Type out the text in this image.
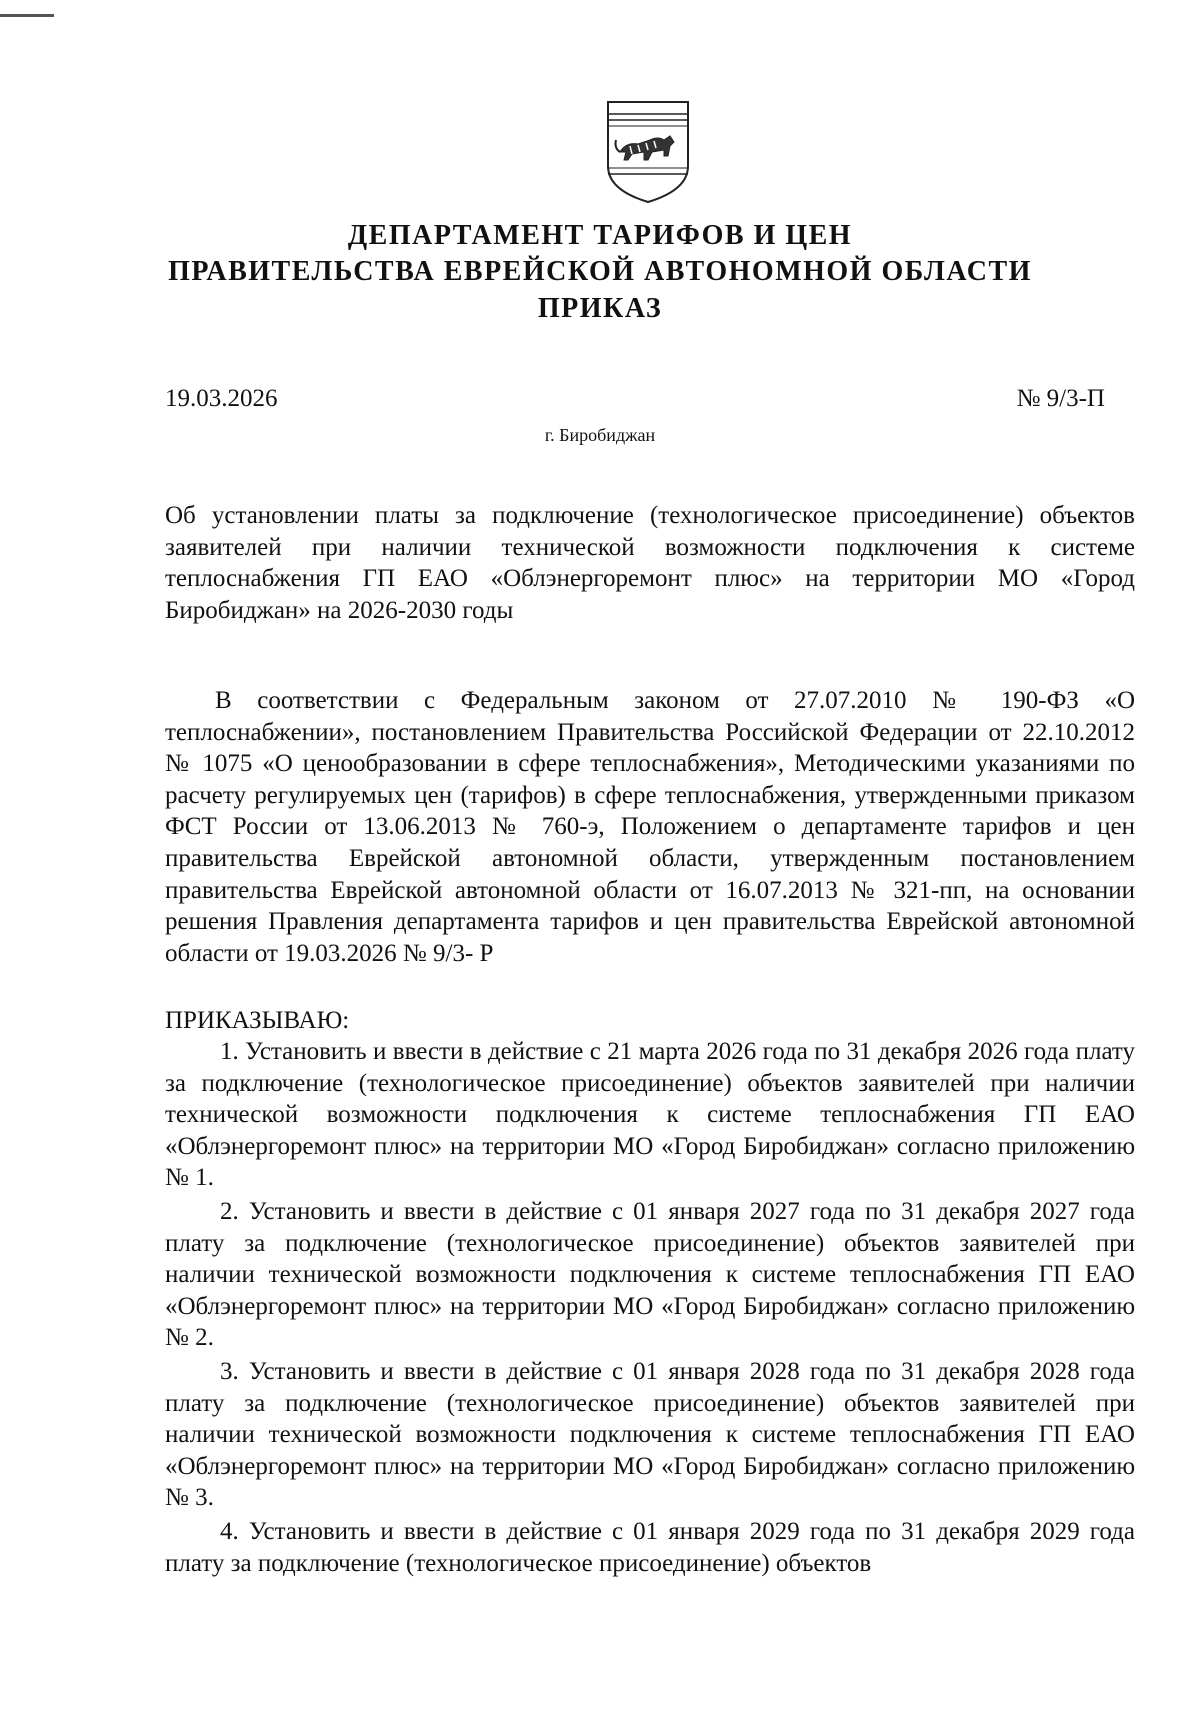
ДЕПАРТАМЕНТ ТАРИФОВ И ЦЕН
ПРАВИТЕЛЬСТВА ЕВРЕЙСКОЙ АВТОНОМНОЙ ОБЛАСТИ
ПРИКАЗ
19.03.2026	№ 9/3-П
г. Биробиджан

Об установлении платы за подключение (технологическое присоединение) объектов заявителей при наличии технической возможности подключения к системе теплоснабжения ГП ЕАО «Облэнергоремонт плюс» на территории МО «Город Биробиджан» на 2026-2030 годы

В соответствии с Федеральным законом от 27.07.2010 № 190-ФЗ «О теплоснабжении», постановлением Правительства Российской Федерации от 22.10.2012 № 1075 «О ценообразовании в сфере теплоснабжения», Методическими указаниями по расчету регулируемых цен (тарифов) в сфере теплоснабжения, утвержденными приказом ФСТ России от 13.06.2013 № 760-э, Положением о департаменте тарифов и цен правительства Еврейской автономной области, утвержденным постановлением правительства Еврейской автономной области от 16.07.2013 № 321-пп, на основании решения Правления департамента тарифов и цен правительства Еврейской автономной области от 19.03.2026 № 9/3- Р

ПРИКАЗЫВАЮ:

1. Установить и ввести в действие с 21 марта 2026 года по 31 декабря 2026 года плату за подключение (технологическое присоединение) объектов заявителей при наличии технической возможности подключения к системе теплоснабжения ГП ЕАО «Облэнергоремонт плюс» на территории МО «Город Биробиджан» согласно приложению № 1.

2. Установить и ввести в действие с 01 января 2027 года по 31 декабря 2027 года плату за подключение (технологическое присоединение) объектов заявителей при наличии технической возможности подключения к системе теплоснабжения ГП ЕАО «Облэнергоремонт плюс» на территории МО «Город Биробиджан» согласно приложению № 2.

3. Установить и ввести в действие с 01 января 2028 года по 31 декабря 2028 года плату за подключение (технологическое присоединение) объектов заявителей при наличии технической возможности подключения к системе теплоснабжения ГП ЕАО «Облэнергоремонт плюс» на территории МО «Город Биробиджан» согласно приложению № 3.

4. Установить и ввести в действие с 01 января 2029 года по 31 декабря 2029 года плату за подключение (технологическое присоединение) объектов
